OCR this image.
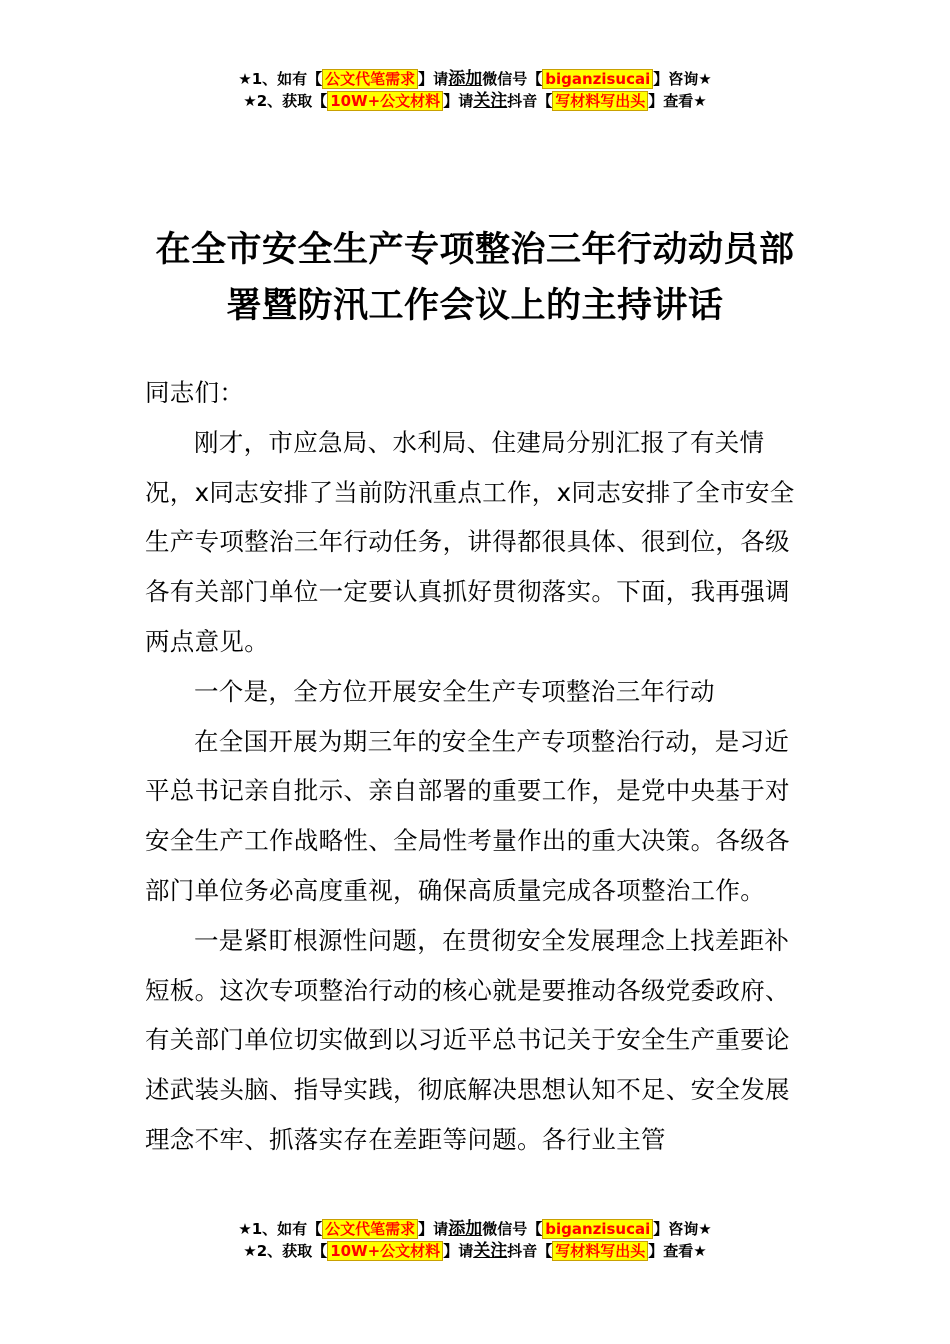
★1、如有【 公文代笔需求 】请添加微信号【 biganzisucai 】咨询★
★2、获取【 10W+公文材料 】请关注抖音【 写材料写出头 】查看★
在全市安全生产专项整治三年行动动员部
署暨防汛工作会议上的主持讲话

同志们：

刚才，市应急局、水利局、住建局分别汇报了有关情况，x同志安排了当前防汛重点工作，x同志安排了全市安全生产专项整治三年行动任务，讲得都很具体、很到位，各级各有关部门单位一定要认真抓好贯彻落实。下面，我再强调两点意见。

一个是，全方位开展安全生产专项整治三年行动

在全国开展为期三年的安全生产专项整治行动，是习近平总书记亲自批示、亲自部署的重要工作，是党中央基于对安全生产工作战略性、全局性考量作出的重大决策。各级各部门单位务必高度重视，确保高质量完成各项整治工作。

一是紧盯根源性问题，在贯彻安全发展理念上找差距补短板。这次专项整治行动的核心就是要推动各级党委政府、有关部门单位切实做到以习近平总书记关于安全生产重要论述武装头脑、指导实践，彻底解决思想认知不足、安全发展理念不牢、抓落实存在差距等问题。各行业主管

★1、如有【 公文代笔需求 】请添加微信号【 biganzisucai 】咨询★
★2、获取【 10W+公文材料 】请关注抖音【 写材料写出头 】查看★
